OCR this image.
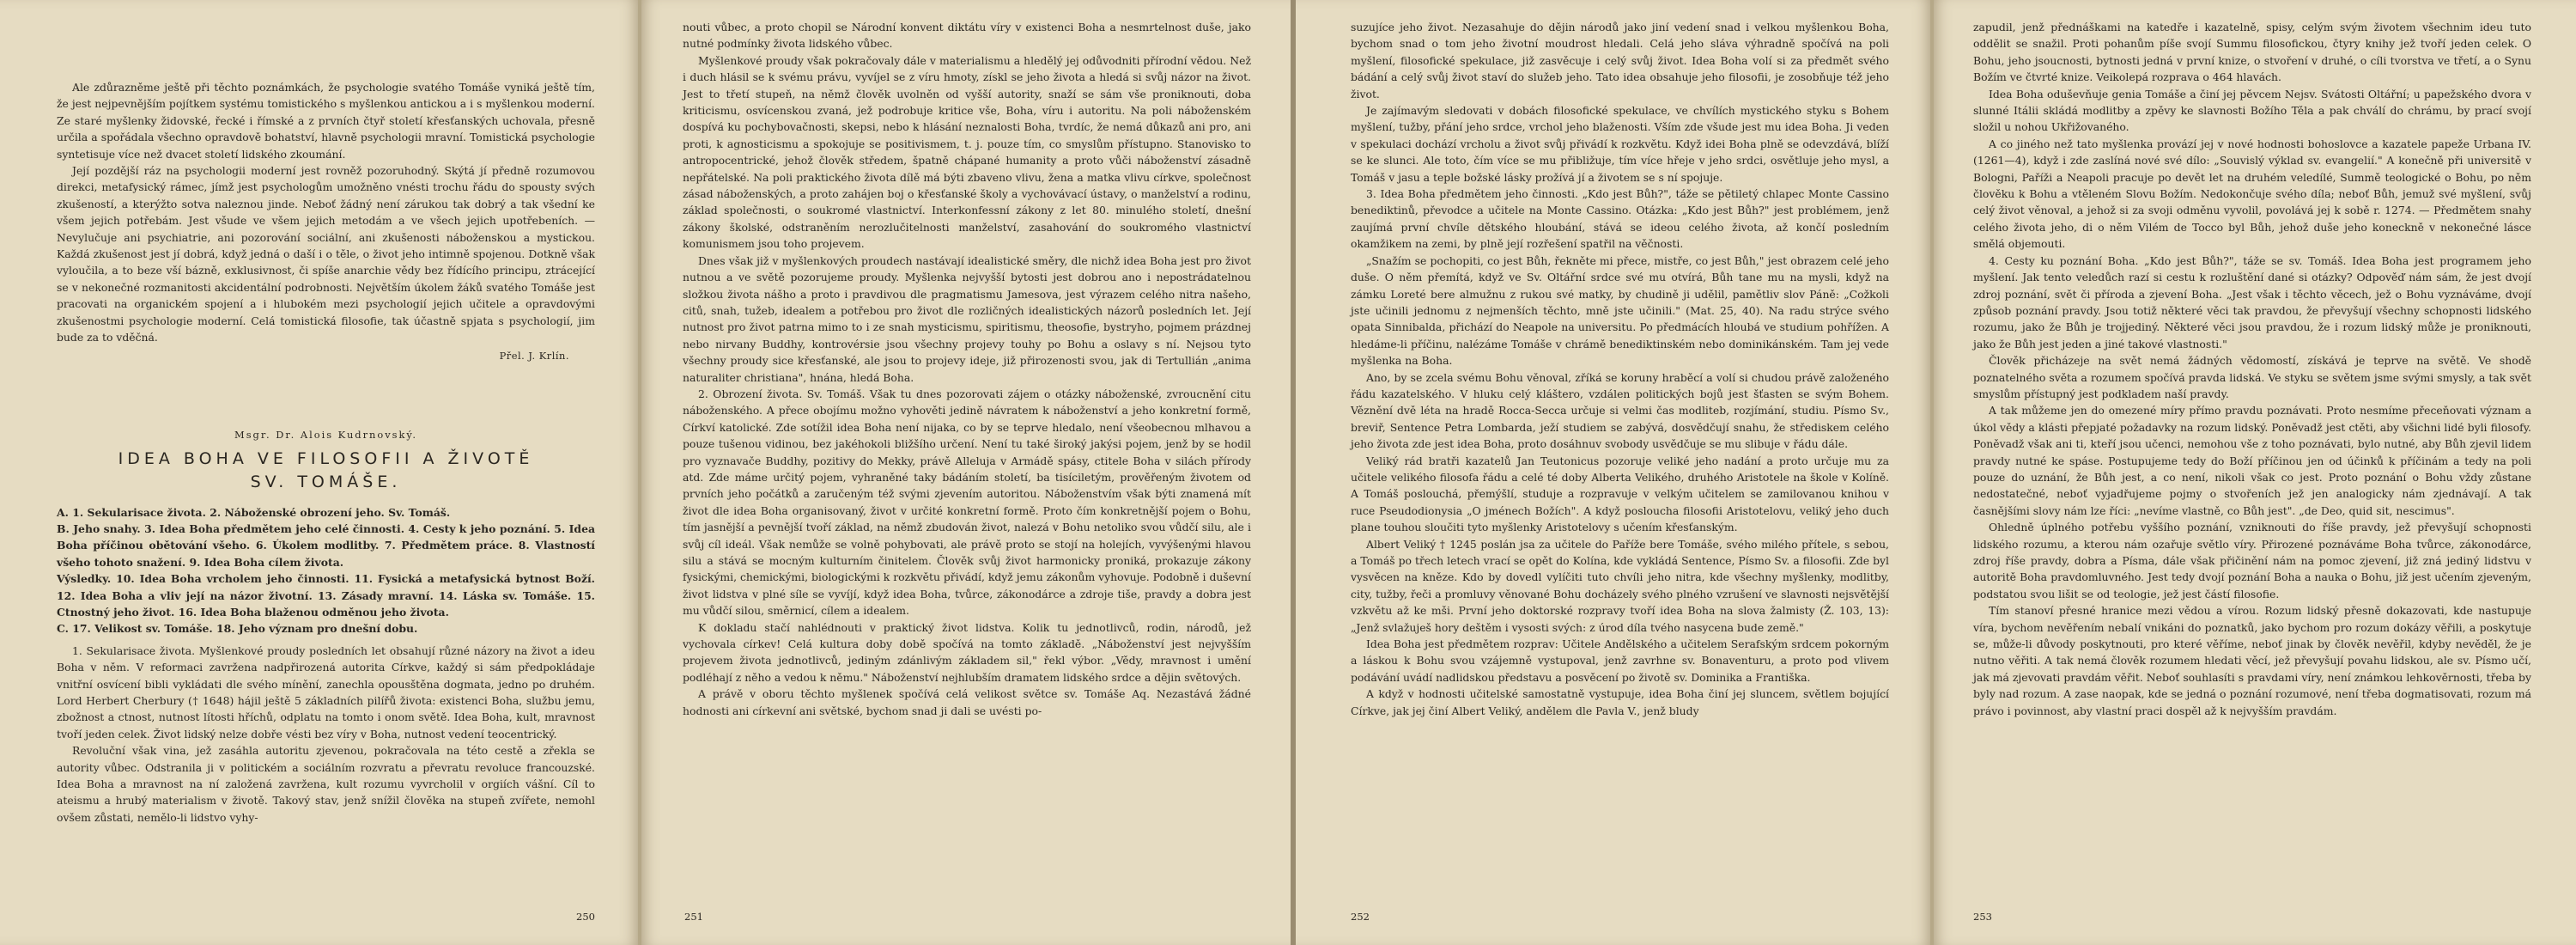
Ale zdůrazněme ještě při těchto poznámkách, že psychologie svatého Tomáše vyniká ještě tím, že jest nejpevnějším pojítkem systému tomistického s myšlenkou antickou a i s myšlenkou moderní. Ze staré myšlenky židovské, řecké i římské a z prvních čtyř století křesťanských uchovala, přesně určila a spořádala všechno opravdově bohatství, hlavně psychologii mravní. Tomistická psychologie syntetisuje více než dvacet století lidského zkoumání.

Její pozdější ráz na psychologii moderní jest rovněž pozoruhodný. Skýtá jí předně rozumovou direkci, metafysický rámec, jímž jest psychologům umožněno vnésti trochu řádu do spousty svých zkušeností, a kterýžto sotva naleznou jinde. Neboť žádný není zárukou tak dobrý a tak všední ke všem jejich potřebám. Jest všude ve všem jejich metodám a ve všech jejich upotřebeních. — Nevylučuje ani psychiatrie, ani pozorování sociální, ani zkušenosti náboženskou a mystickou. Každá zkušenost jest jí dobrá, když jedná o daší i o těle, o život jeho intimně spojenou. Dotkně však vyloučila, a to beze vší bázně, exklusivnost, či spíše anarchie vědy bez řídícího principu, ztrácející se v nekonečné rozmanitosti akcidentální podrobnosti. Největším úkolem žáků svatého Tomáše jest pracovati na organickém spojení a i hlubokém mezi psychologií jejich učitele a opravdovými zkušenostmi psychologie moderní. Celá tomistická filosofie, tak účastně spjata s psychologií, jim bude za to vděčná.

Přel. J. Krlín.
Msgr. Dr. Alois Kudrnovský.
IDEA BOHA VE FILOSOFII A ŽIVOTĚ
SV. TOMÁŠE.

A. 1. Sekularisace života. 2. Náboženské obrození jeho. Sv. Tomáš.

B. Jeho snahy. 3. Idea Boha předmětem jeho celé činnosti. 4. Cesty k jeho poznání. 5. Idea Boha příčinou obětování všeho. 6. Úkolem modlitby. 7. Předmětem práce. 8. Vlastností všeho tohoto snažení. 9. Idea Boha cílem života.

Výsledky. 10. Idea Boha vrcholem jeho činnosti. 11. Fysická a metafysická bytnost Boží. 12. Idea Boha a vliv její na názor životní. 13. Zásady mravní. 14. Láska sv. Tomáše. 15. Ctnostný jeho život. 16. Idea Boha blaženou odměnou jeho života.

C. 17. Velikost sv. Tomáše. 18. Jeho význam pro dnešní dobu.

1. Sekularisace života. Myšlenkové proudy posledních let obsahují různé názory na život a ideu Boha v něm. V reformaci zavržena nadpřirozená autorita Církve, každý si sám předpokládaje vnitřní osvícení bibli vykládati dle svého mínění, zanechla opousštěna dogmata, jedno po druhém. Lord Herbert Cherbury († 1648) hájil ještě 5 základních pilířů života: existenci Boha, službu jemu, zbožnost a ctnost, nutnost lítosti hříchů, odplatu na tomto i onom světě. Idea Boha, kult, mravnost tvoří jeden celek. Život lidský nelze dobře vésti bez víry v Boha, nutnost vedení teocentrický.

Revoluční však vina, jež zasáhla autoritu zjevenou, pokračovala na této cestě a zřekla se autority vůbec. Odstranila ji v politickém a sociálním rozvratu a převratu revoluce francouzské. Idea Boha a mravnost na ní založená zavržena, kult rozumu vyvrcholil v orgiích vášní. Cíl to ateismu a hrubý materialism v životě. Takový stav, jenž snížil člověka na stupeň zvířete, nemohl ovšem zůstati, nemělo-li lidstvo vyhy-

250

nouti vůbec, a proto chopil se Národní konvent diktátu víry v existenci Boha a nesmrtelnost duše, jako nutné podmínky života lidského vůbec.

Myšlenkové proudy však pokračovaly dále v materialismu a hledělý jej odůvodniti přírodní vědou. Než i duch hlásil se k svému právu, vyvíjel se z víru hmoty, získl se jeho života a hledá si svůj názor na život. Jest to třetí stupeň, na němž člověk uvolněn od vyšší autority, snaží se sám vše proniknouti, doba kriticismu, osvícenskou zvaná, jež podrobuje kritice vše, Boha, víru i autoritu. Na poli náboženském dospívá ku pochybovačnosti, skepsi, nebo k hlásání neznalosti Boha, tvrdíc, že nemá důkazů ani pro, ani proti, k agnosticismu a spokojuje se positivismem, t. j. pouze tím, co smyslům přístupno. Stanovisko to antropocentrické, jehož člověk středem, špatně chápané humanity a proto vůči náboženství zásadně nepřátelské. Na poli praktického života dílě má býti zbaveno vlivu, žena a matka vlivu církve, společnost zásad náboženských, a proto zahájen boj o křesťanské školy a vychovávací ústavy, o manželství a rodinu, základ společnosti, o soukromé vlastnictví. Interkonfessní zákony z let 80. minulého století, dnešní zákony školské, odstraněním nerozlučitelnosti manželství, zasahování do soukromého vlastnictví komunismem jsou toho projevem.

Dnes však již v myšlenkových proudech nastávají idealistické směry, dle nichž idea Boha jest pro život nutnou a ve světě pozorujeme proudy. Myšlenka nejvyšší bytosti jest dobrou ano i nepostrádatelnou složkou života nášho a proto i pravdivou dle pragmatismu Jamesova, jest výrazem celého nitra našeho, citů, snah, tužeb, idealem a potřebou pro život dle rozličných idealistických názorů posledních let. Její nutnost pro život patrna mimo to i ze snah mysticismu, spiritismu, theosofie, bystryho, pojmem prázdnej nebo nirvany Buddhy, kontrovérsie jsou všechny projevy touhy po Bohu a oslavy s ní. Nejsou tyto všechny proudy sice křesťanské, ale jsou to projevy ideje, již přirozenosti svou, jak di Tertullián „anima naturaliter christiana", hnána, hledá Boha.

2. Obrození života. Sv. Tomáš. Však tu dnes pozorovati zájem o otázky náboženské, zvroucnění citu náboženského. A přece obojímu možno vyhověti jedině návratem k náboženství a jeho konkretní formě, Církví katolické. Zde sotížil idea Boha není nijaka, co by se teprve hledalo, není všeobecnou mlhavou a pouze tušenou vidinou, bez jakéhokoli bližšího určení. Není tu také široký jakýsi pojem, jenž by se hodil pro vyznavače Buddhy, pozitivy do Mekky, právě Alleluja v Armádě spásy, ctitele Boha v silách přírody atd. Zde máme určitý pojem, vyhraněné taky bádáním století, ba tisíciletým, prověřeným životem od prvních jeho počátků a zaručeným též svými zjevením autoritou. Náboženstvím však býti znamená mít život dle idea Boha organisovaný, život v určité konkretní formě. Proto čím konkretnější pojem o Bohu, tím jasnější a pevnější tvoří základ, na němž zbudován život, nalezá v Bohu netoliko svou vůdčí silu, ale i svůj cíl ideál. Však nemůže se volně pohybovati, ale právě proto se stojí na holejích, vyvýšenými hlavou silu a stává se mocným kulturním činitelem. Člověk svůj život harmonicky proniká, prokazuje zákony fysickými, chemickými, biologickými k rozkvětu přivádí, když jemu zákonům vyhovuje. Podobně i duševní život lidstva v plné síle se vyvíjí, když idea Boha, tvůrce, zákonodárce a zdroje tiše, pravdy a dobra jest mu vůdčí silou, směrnicí, cílem a idealem.

K dokladu stačí nahlédnouti v praktický život lidstva. Kolik tu jednotlivců, rodin, národů, jež vychovala církev! Celá kultura doby době spočívá na tomto základě. „Náboženství jest nejvyšším projevem života jednotlivců, jediným zdánlivým základem sil," řekl výbor. „Vědy, mravnost i umění podléhají z něho a vedou k němu." Náboženství nejhlubším dramatem lidského srdce a dějin světových.

A právě v oboru těchto myšlenek spočívá celá velikost světce sv. Tomáše Aq. Nezastává žádné hodnosti ani církevní ani světské, bychom snad ji dali se uvésti po-

251

suzujíce jeho život. Nezasahuje do dějin národů jako jiní vedení snad i velkou myšlenkou Boha, bychom snad o tom jeho životní moudrost hledali. Celá jeho sláva výhradně spočívá na poli myšlení, filosofické spekulace, již zasvěcuje i celý svůj život. Idea Boha volí si za předmět svého bádání a celý svůj život staví do služeb jeho. Tato idea obsahuje jeho filosofii, je zosobňuje též jeho život.

Je zajímavým sledovati v dobách filosofické spekulace, ve chvílích mystického styku s Bohem myšlení, tužby, přání jeho srdce, vrchol jeho blaženosti. Vším zde všude jest mu idea Boha. Ji veden v spekulaci dochází vrcholu a život svůj přivádí k rozkvětu. Když idei Boha plně se odevzdává, blíží se ke slunci. Ale toto, čím více se mu přibližuje, tím více hřeje v jeho srdci, osvětluje jeho mysl, a Tomáš v jasu a teple božské lásky prožívá jí a životem se s ní spojuje.

3. Idea Boha předmětem jeho činnosti. „Kdo jest Bůh?", táže se pětiletý chlapec Monte Cassino benediktinů, převodce a učitele na Monte Cassino. Otázka: „Kdo jest Bůh?" jest problémem, jenž zaujímá první chvíle dětského hloubání, stává se ideou celého života, až končí posledním okamžikem na zemi, by plně její rozřešení spatřil na věčnosti.

„Snažím se pochopiti, co jest Bůh, řekněte mi přece, mistře, co jest Bůh," jest obrazem celé jeho duše. O něm přemítá, když ve Sv. Oltářní srdce své mu otvírá, Bůh tane mu na mysli, když na zámku Loreté bere almužnu z rukou své matky, by chudině ji udělil, pamětliv slov Páně: „Cožkoli jste učinili jednomu z nejmenších těchto, mně jste učinili." (Mat. 25, 40). Na radu strýce svého opata Sinnibalda, přichází do Neapole na universitu. Po předmácích hloubá ve studium pohřížen. A hledáme-li příčinu, nalézáme Tomáše v chrámě benediktinském nebo dominikánském. Tam jej vede myšlenka na Boha.

Ano, by se zcela svému Bohu věnoval, zříká se koruny hraběcí a volí si chudou právě založeného řádu kazatelského. V hluku celý kláštero, vzdálen politických bojů jest šťasten se svým Bohem. Věznění dvě léta na hradě Rocca-Secca určuje si velmi čas modliteb, rozjímání, studiu. Písmo Sv., breviř, Sentence Petra Lombarda, ježí studiem se zabývá, dosvědčují snahu, že střediskem celého jeho života zde jest idea Boha, proto dosáhnuv svobody usvědčuje se mu slibuje v řádu dále.

Veliký rád bratři kazatelů Jan Teutonicus pozoruje veliké jeho nadání a proto určuje mu za učitele velikého filosofa řádu a celé té doby Alberta Velikého, druhého Aristotele na škole v Kolíně. A Tomáš poslouchá, přemýšlí, studuje a rozpravuje v velkým učitelem se zamilovanou knihou v ruce Pseudodionysia „O jménech Božích". A když posloucha filosofii Aristotelovu, veliký jeho duch plane touhou sloučiti tyto myšlenky Aristotelovy s učením křesťanským.

Albert Veliký † 1245 poslán jsa za učitele do Paříže bere Tomáše, svého milého přítele, s sebou, a Tomáš po třech letech vrací se opět do Kolína, kde vykládá Sentence, Písmo Sv. a filosofii. Zde byl vysvěcen na kněze. Kdo by dovedl vylíčiti tuto chvíli jeho nitra, kde všechny myšlenky, modlitby, city, tužby, řeči a promluvy věnované Bohu docházely svého plného vzrušení ve slavnosti nejsvětější vzkvětu až ke mši. První jeho doktorské rozpravy tvoří idea Boha na slova žalmisty (Ž. 103, 13): „Jenž svlažuješ hory deštěm i vysosti svých: z úrod díla tvého nasycena bude země."

Idea Boha jest předmětem rozprav: Učitele Andělského a učitelem Serafským srdcem pokorným a láskou k Bohu svou vzájemně vystupoval, jenž zavrhne sv. Bonaventuru, a proto pod vlivem podávání uvádí nadlidskou představu a posvěcení po životě sv. Dominika a Františka.

A když v hodnosti učitelské samostatně vystupuje, idea Boha činí jej sluncem, světlem bojující Církve, jak jej činí Albert Veliký, andělem dle Pavla V., jenž bludy

252

zapudil, jenž přednáškami na katedře i kazatelně, spisy, celým svým životem všechnim ideu tuto oddělit se snažil. Proti pohanům píše svojí Summu filosofickou, čtyry knihy jež tvoří jeden celek. O Bohu, jeho jsoucnosti, bytnosti jedná v první knize, o stvoření v druhé, o cíli tvorstva ve třetí, a o Synu Božím ve čtvrté knize. Veikolepá rozprava o 464 hlavách.

Idea Boha oduševňuje genia Tomáše a činí jej pěvcem Nejsv. Svátosti Oltářní; u papežského dvora v slunné Itálii skládá modlitby a zpěvy ke slavnosti Božího Těla a pak chválí do chrámu, by prací svojí složil u nohou Ukřižovaného.

A co jiného než tato myšlenka provází jej v nové hodnosti bohoslovce a kazatele papeže Urbana IV. (1261—4), když i zde zaslíná nové své dílo: „Souvislý výklad sv. evangelií." A konečně při universitě v Bologni, Paříži a Neapoli pracuje po devět let na druhém veledílé, Summě teologické o Bohu, po něm člověku k Bohu a vtěleném Slovu Božím. Nedokončuje svého díla; neboť Bůh, jemuž své myšlení, svůj celý život věnoval, a jehož si za svoji odměnu vyvolil, povolává jej k sobě r. 1274. — Předmětem snahy celého života jeho, di o něm Vilém de Tocco byl Bůh, jehož duše jeho koneckně v nekonečné lásce smělá objemouti.

4. Cesty ku poznání Boha. „Kdo jest Bůh?", táže se sv. Tomáš. Idea Boha jest programem jeho myšlení. Jak tento veledůch razí si cestu k rozluštění dané si otázky? Odpověď nám sám, že jest dvojí zdroj poznání, svět či příroda a zjevení Boha. „Jest však i těchto věcech, jež o Bohu vyznáváme, dvojí způsob poznání pravdy. Jsou totiž některé věci tak pravdou, že převyšují všechny schopnosti lidského rozumu, jako že Bůh je trojjediný. Některé věci jsou pravdou, že i rozum lidský může je proniknouti, jako že Bůh jest jeden a jiné takové vlastnosti."

Člověk přicházeje na svět nemá žádných vědomostí, získává je teprve na světě. Ve shodě poznatelného světa a rozumem spočívá pravda lidská. Ve styku se světem jsme svými smysly, a tak svět smyslům přístupný jest podkladem naší pravdy.

A tak můžeme jen do omezené míry přímo pravdu poznávati. Proto nesmíme přeceňovati význam a úkol vědy a klásti přepjaté požadavky na rozum lidský. Poněvadž jest ctěti, aby všichni lidé byli filosofy. Poněvadž však ani ti, kteří jsou učenci, nemohou vše z toho poznávati, bylo nutné, aby Bůh zjevil lidem pravdy nutné ke spáse. Postupujeme tedy do Boží příčinou jen od účinků k příčinám a tedy na poli pouze do uznání, že Bůh jest, a co není, nikoli však co jest. Proto poznání o Bohu vždy zůstane nedostatečné, neboť vyjadřujeme pojmy o stvořeních jež jen analogicky nám zjednávají. A tak časnějšími slovy nám lze říci: „nevíme vlastně, co Bůh jest". „de Deo, quid sit, nescimus".

Ohledně úplného potřebu vyššího poznání, vzniknouti do říše pravdy, jež převyšují schopnosti lidského rozumu, a kterou nám ozařuje světlo víry. Přirozené poznáváme Boha tvůrce, zákonodárce, zdroj říše pravdy, dobra a Písma, dále však přičinění nám na pomoc zjevení, již zná jediný lidstvu v autoritě Boha pravdomluvného. Jest tedy dvojí poznání Boha a nauka o Bohu, již jest učením zjeveným, podstatou svou lišit se od teologie, jež jest částí filosofie.

Tím stanoví přesné hranice mezi vědou a vírou. Rozum lidský přesně dokazovati, kde nastupuje víra, bychom nevěřením nebalí vnikáni do poznatků, jako bychom pro rozum dokázy věřili, a poskytuje se, může-li důvody poskytnouti, pro které věříme, neboť jinak by člověk nevěřil, kdyby nevěděl, že je nutno věřiti. A tak nemá člověk rozumem hledati věcí, jež převyšují povahu lidskou, ale sv. Písmo učí, jak má zjevovati pravdám věřit. Neboť souhlasíti s pravdami víry, není známkou lehkověrnosti, třeba by byly nad rozum. A zase naopak, kde se jedná o poznání rozumové, není třeba dogmatisovati, rozum má právo i povinnost, aby vlastní praci dospěl až k nejvyšším pravdám.

253
